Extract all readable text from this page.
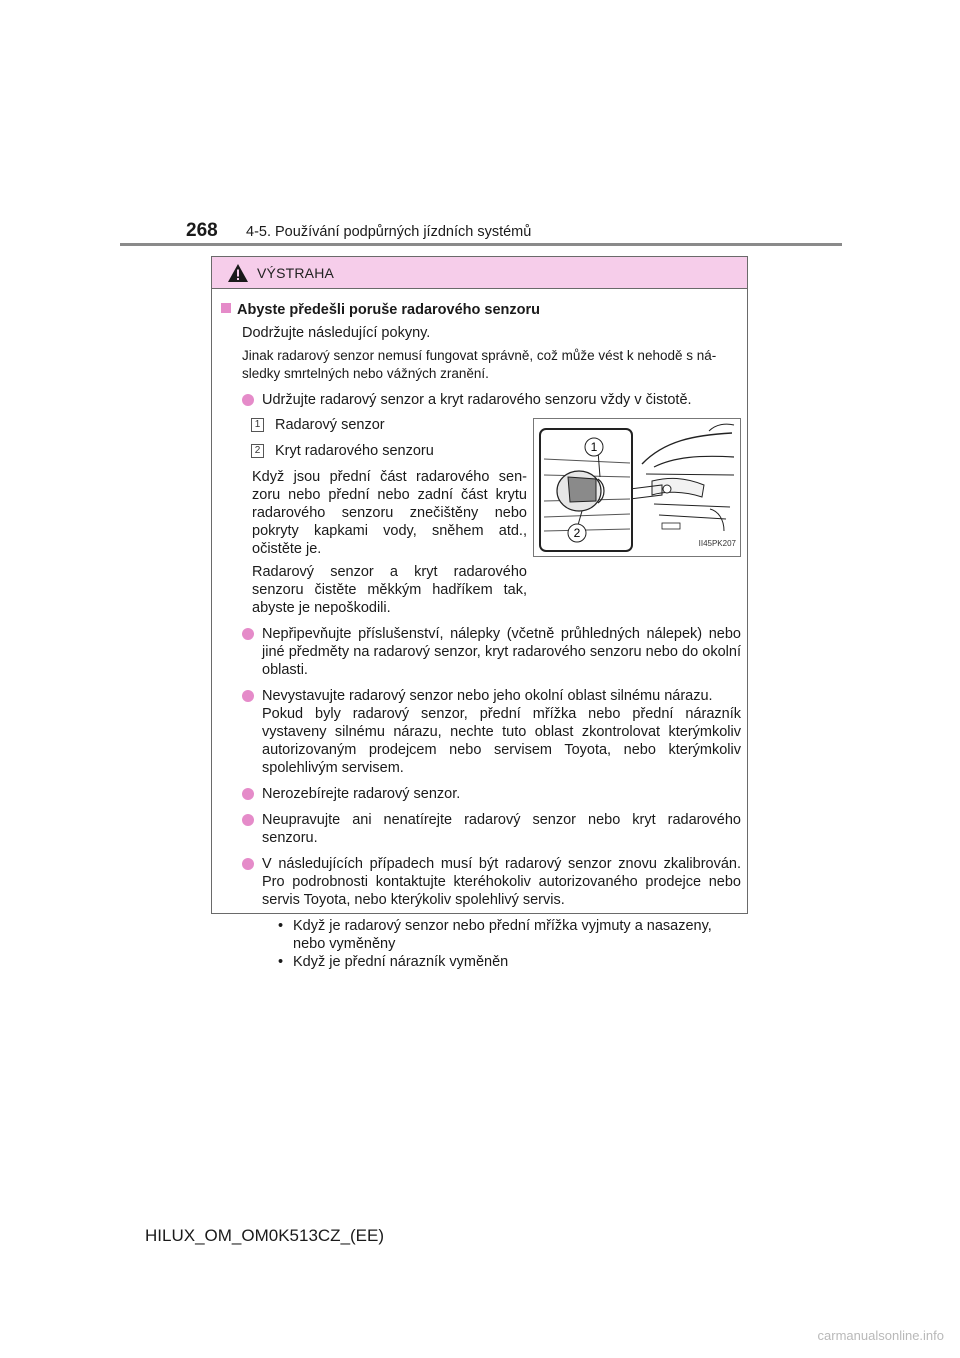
268 4-5. Používání podpůrných jízdních systémů
VÝSTRAHA
Abyste předešli poruše radarového senzoru
Dodržujte následující pokyny.
Jinak radarový senzor nemusí fungovat správně, což může vést k nehodě s ná-sledky smrtelných nebo vážných zranění.
Udržujte radarový senzor a kryt radarového senzoru vždy v čistotě.
1 Radarový senzor
2 Kryt radarového senzoru
Když jsou přední část radarového sen-zoru nebo přední nebo zadní část krytu radarového senzoru znečištěny nebo pokryty kapkami vody, sněhem atd., očistěte je.
Radarový senzor a kryt radarového senzoru čistěte měkkým hadříkem tak, abyste je nepoškodili.
1
2
II45PK207
Nepřipevňujte příslušenství, nálepky (včetně průhledných nálepek) nebo jiné předměty na radarový senzor, kryt radarového senzoru nebo do okolní oblasti.
Nevystavujte radarový senzor nebo jeho okolní oblast silnému nárazu.
Pokud byly radarový senzor, přední mřížka nebo přední nárazník vystaveny silnému nárazu, nechte tuto oblast zkontrolovat kterýmkoliv autorizovaným prodejcem nebo servisem Toyota, nebo kterýmkoliv spolehlivým servisem.
Nerozebírejte radarový senzor.
Neupravujte ani nenatírejte radarový senzor nebo kryt radarového senzoru.
V následujících případech musí být radarový senzor znovu zkalibrován. Pro podrobnosti kontaktujte kteréhokoliv autorizovaného prodejce nebo servis Toyota, nebo kterýkoliv spolehlivý servis.
• Když je radarový senzor nebo přední mřížka vyjmuty a nasazeny, nebo vyměněny
• Když je přední nárazník vyměněn
HILUX_OM_OM0K513CZ_(EE)
carmanualsonline.info
